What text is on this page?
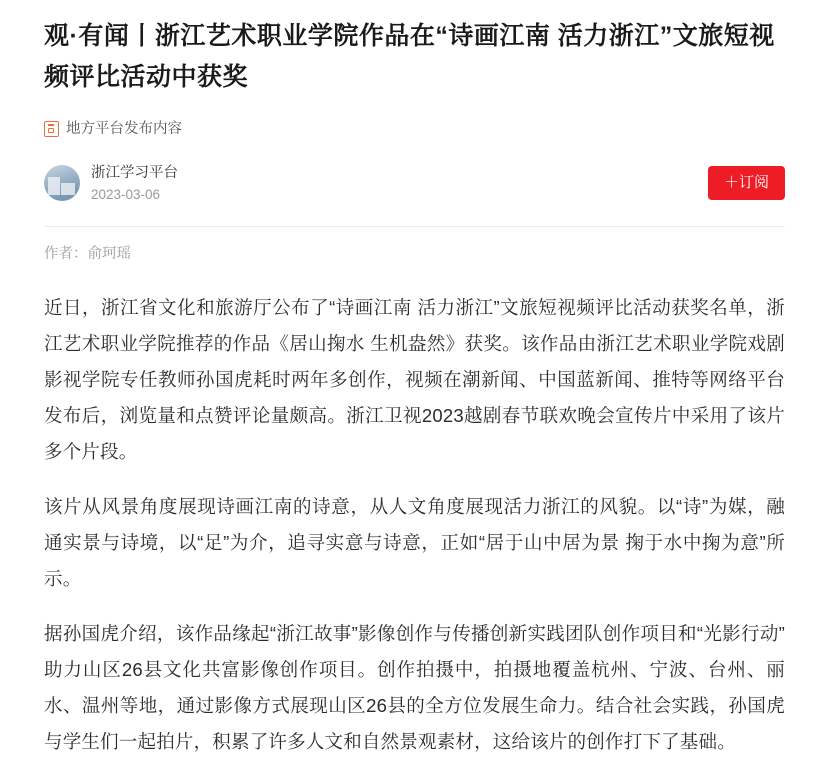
观·有闻丨浙江艺术职业学院作品在“诗画江南 活力浙江”文旅短视频评比活动中获奖
地方平台发布内容
浙江学习平台
2023-03-06
＋订阅
作者：俞珂瑶

近日，浙江省文化和旅游厅公布了“诗画江南 活力浙江”文旅短视频评比活动获奖名单，浙江艺术职业学院推荐的作品《居山掬水 生机盎然》获奖。该作品由浙江艺术职业学院戏剧影视学院专任教师孙国虎耗时两年多创作，视频在潮新闻、中国蓝新闻、推特等网络平台发布后，浏览量和点赞评论量颇高。浙江卫视2023越剧春节联欢晚会宣传片中采用了该片多个片段。

该片从风景角度展现诗画江南的诗意，从人文角度展现活力浙江的风貌。以“诗”为媒，融通实景与诗境，以“足”为介，追寻实意与诗意，正如“居于山中居为景 掬于水中掬为意”所示。

据孙国虎介绍，该作品缘起“浙江故事”影像创作与传播创新实践团队创作项目和“光影行动”助力山区26县文化共富影像创作项目。创作拍摄中，拍摄地覆盖杭州、宁波、台州、丽水、温州等地，通过影像方式展现山区26县的全方位发展生命力。结合社会实践，孙国虎与学生们一起拍片，积累了许多人文和自然景观素材，这给该片的创作打下了基础。
